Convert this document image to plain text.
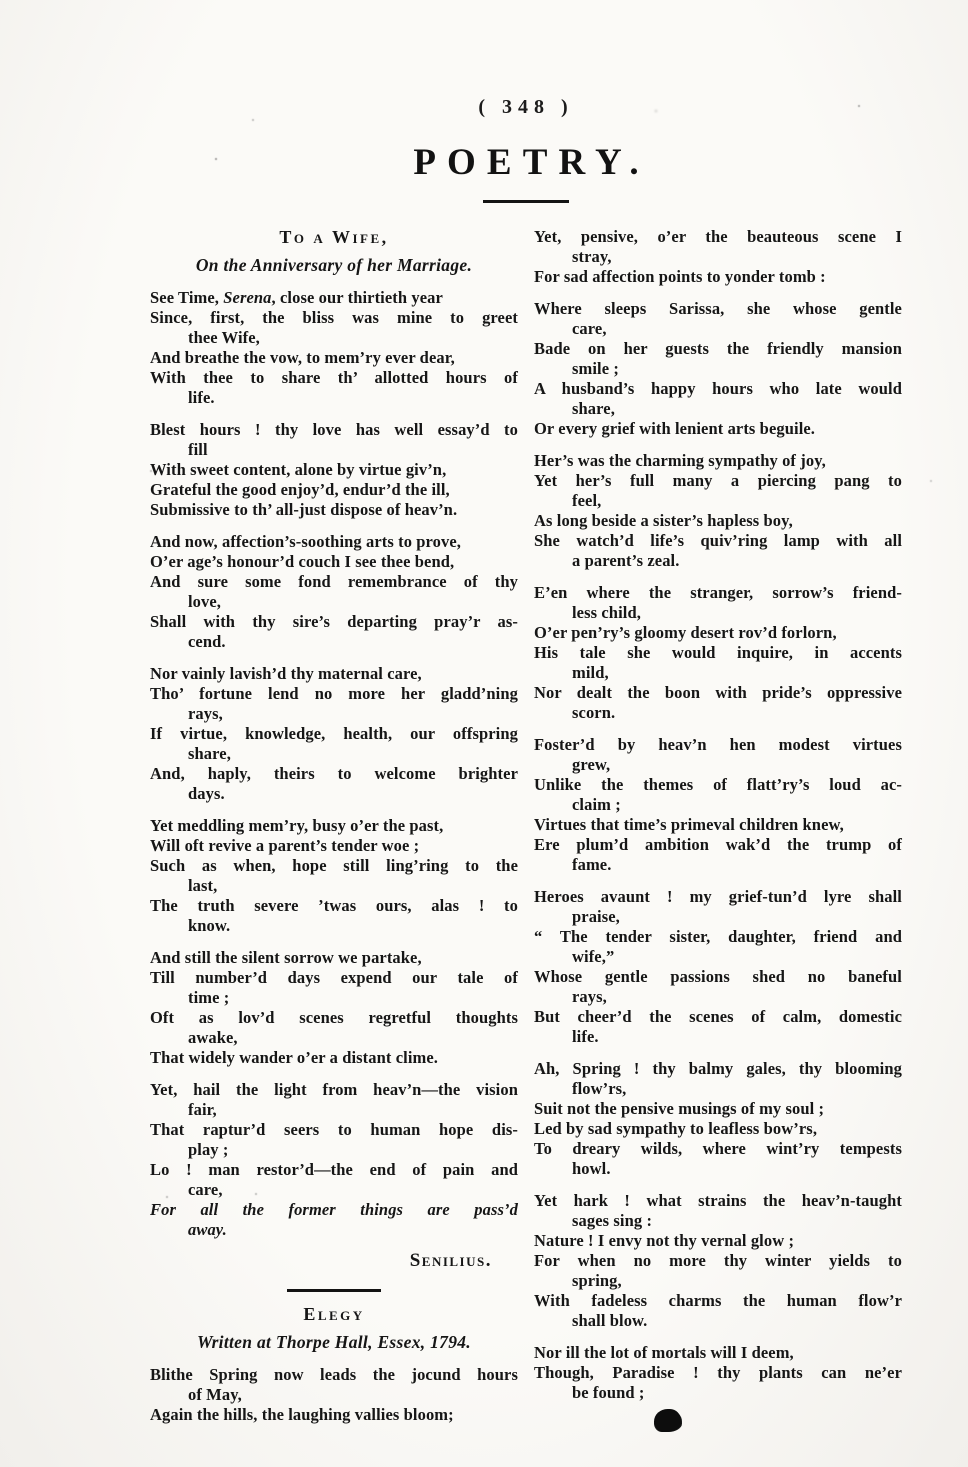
( 348 )
POETRY.
To a Wife,
On the Anniversary of her Marriage.
See Time, Serena, close our thirtieth year
Since, first, the bliss was mine to greet
thee Wife,
And breathe the vow, to mem’ry ever dear,
With thee to share th’ allotted hours of
life.
Blest hours ! thy love has well essay’d to
fill
With sweet content, alone by virtue giv’n,
Grateful the good enjoy’d, endur’d the ill,
Submissive to th’ all-just dispose of heav’n.
And now, affection’s-soothing arts to prove,
O’er age’s honour’d couch I see thee bend,
And sure some fond remembrance of thy
love,
Shall with thy sire’s departing pray’r as-
cend.
Nor vainly lavish’d thy maternal care,
Tho’ fortune lend no more her gladd’ning
rays,
If virtue, knowledge, health, our offspring
share,
And, haply, theirs to welcome brighter
days.
Yet meddling mem’ry, busy o’er the past,
Will oft revive a parent’s tender woe ;
Such as when, hope still ling’ring to the
last,
The truth severe ’twas ours, alas ! to
know.
And still the silent sorrow we partake,
Till number’d days expend our tale of
time ;
Oft as lov’d scenes regretful thoughts
awake,
That widely wander o’er a distant clime.
Yet, hail the light from heav’n—the vision
fair,
That raptur’d seers to human hope dis-
play ;
Lo ! man restor’d—the end of pain and
care,
For all the former things are pass’d
away.
Senilius.
Elegy
Written at Thorpe Hall, Essex, 1794.
Blithe Spring now leads the jocund hours
of May,
Again the hills, the laughing vallies bloom;
Yet, pensive, o’er the beauteous scene I
stray,
For sad affection points to yonder tomb :
Where sleeps Sarissa, she whose gentle
care,
Bade on her guests the friendly mansion
smile ;
A husband’s happy hours who late would
share,
Or every grief with lenient arts beguile.
Her’s was the charming sympathy of joy,
Yet her’s full many a piercing pang to
feel,
As long beside a sister’s hapless boy,
She watch’d life’s quiv’ring lamp with all
a parent’s zeal.
E’en where the stranger, sorrow’s friend-
less child,
O’er pen’ry’s gloomy desert rov’d forlorn,
His tale she would inquire, in accents
mild,
Nor dealt the boon with pride’s oppressive
scorn.
Foster’d by heav’n hen modest virtues
grew,
Unlike the themes of flatt’ry’s loud ac-
claim ;
Virtues that time’s primeval children knew,
Ere plum’d ambition wak’d the trump of
fame.
Heroes avaunt ! my grief-tun’d lyre shall
praise,
“ The tender sister, daughter, friend and
wife,”
Whose gentle passions shed no baneful
rays,
But cheer’d the scenes of calm, domestic
life.
Ah, Spring ! thy balmy gales, thy blooming
flow’rs,
Suit not the pensive musings of my soul ;
Led by sad sympathy to leafless bow’rs,
To dreary wilds, where wint’ry tempests
howl.
Yet hark ! what strains the heav’n-taught
sages sing :
Nature ! I envy not thy vernal glow ;
For when no more thy winter yields to
spring,
With fadeless charms the human flow’r
shall blow.
Nor ill the lot of mortals will I deem,
Though, Paradise ! thy plants can ne’er
be found ;
